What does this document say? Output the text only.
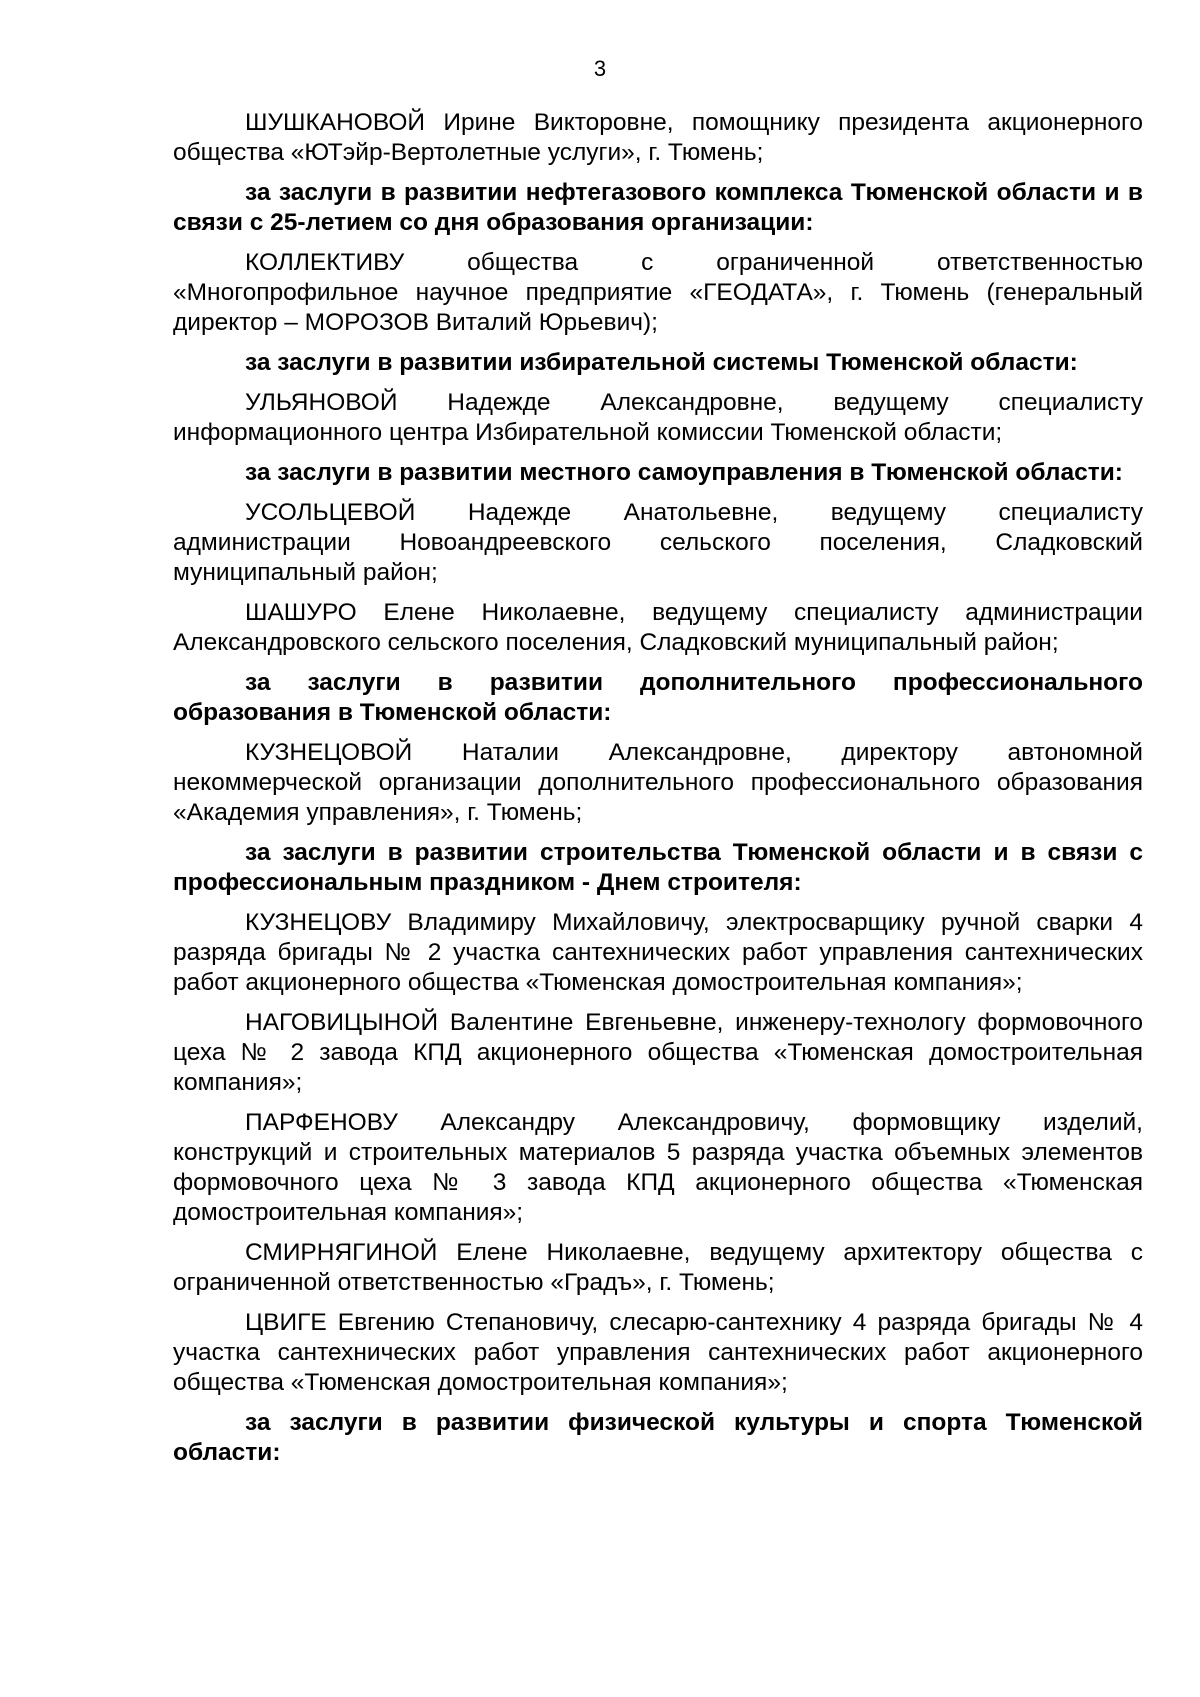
3

ШУШКАНОВОЙ Ирине Викторовне, помощнику президента акционерного общества «ЮТэйр-Вертолетные услуги», г. Тюмень;

за заслуги в развитии нефтегазового комплекса Тюменской области и в связи с 25-летием со дня образования организации:

КОЛЛЕКТИВУ общества с ограниченной ответственностью «Многопрофильное научное предприятие «ГЕОДАТА», г. Тюмень (генеральный директор – МОРОЗОВ Виталий Юрьевич);

за заслуги в развитии избирательной системы Тюменской области:

УЛЬЯНОВОЙ Надежде Александровне, ведущему специалисту информационного центра Избирательной комиссии Тюменской области;

за заслуги в развитии местного самоуправления в Тюменской области:

УСОЛЬЦЕВОЙ Надежде Анатольевне, ведущему специалисту администрации Новоандреевского сельского поселения, Сладковский муниципальный район;

ШАШУРО Елене Николаевне, ведущему специалисту администрации Александровского сельского поселения, Сладковский муниципальный район;

за заслуги в развитии дополнительного профессионального образования в Тюменской области:

КУЗНЕЦОВОЙ Наталии Александровне, директору автономной некоммерческой организации дополнительного профессионального образования «Академия управления», г. Тюмень;

за заслуги в развитии строительства Тюменской области и в связи с профессиональным праздником - Днем строителя:

КУЗНЕЦОВУ Владимиру Михайловичу, электросварщику ручной сварки 4 разряда бригады № 2 участка сантехнических работ управления сантехнических работ акционерного общества «Тюменская домостроительная компания»;

НАГОВИЦЫНОЙ Валентине Евгеньевне, инженеру-технологу формовочного цеха № 2 завода КПД акционерного общества «Тюменская домостроительная компания»;

ПАРФЕНОВУ Александру Александровичу, формовщику изделий, конструкций и строительных материалов 5 разряда участка объемных элементов формовочного цеха № 3 завода КПД акционерного общества «Тюменская домостроительная компания»;

СМИРНЯГИНОЙ Елене Николаевне, ведущему архитектору общества с ограниченной ответственностью «Градъ», г. Тюмень;

ЦВИГЕ Евгению Степановичу, слесарю-сантехнику 4 разряда бригады № 4 участка сантехнических работ управления сантехнических работ акционерного общества «Тюменская домостроительная компания»;

за заслуги в развитии физической культуры и спорта Тюменской области:
